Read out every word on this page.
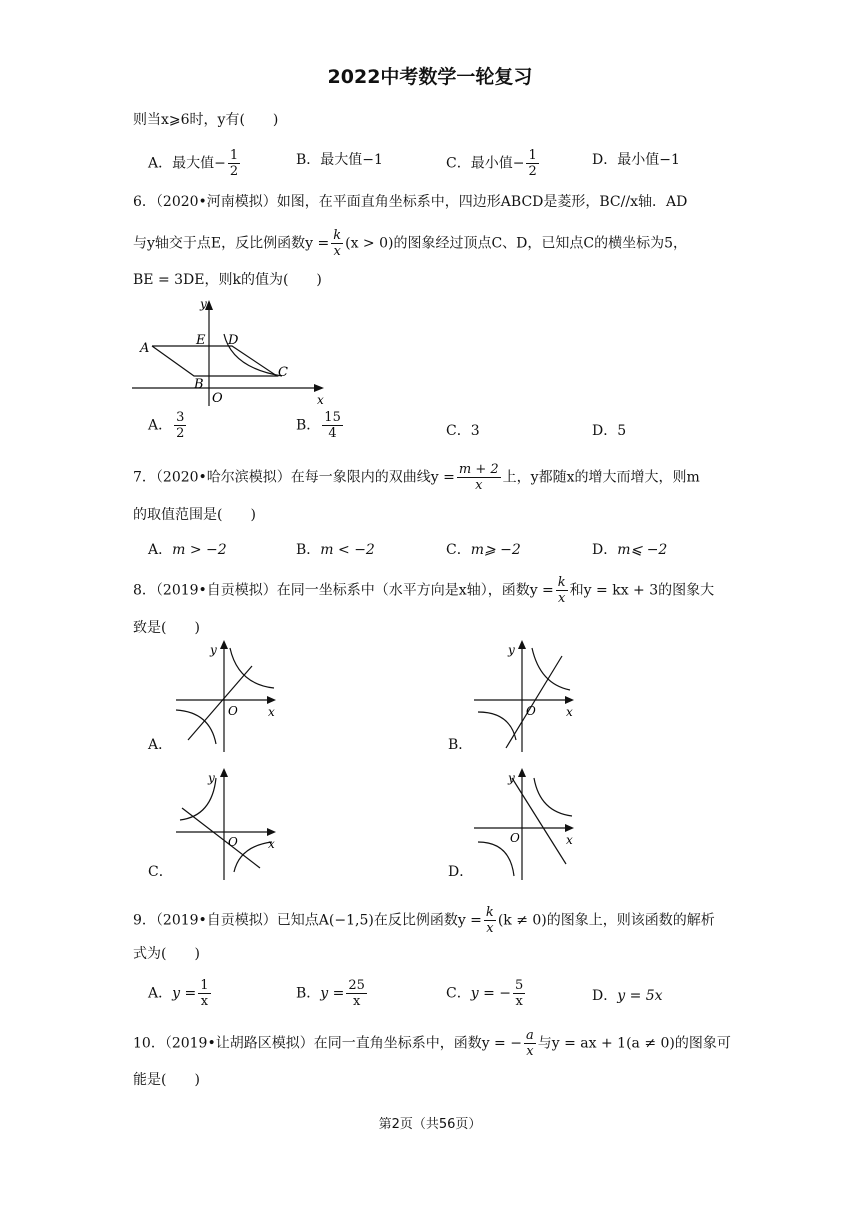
2022中考数学一轮复习
则当x⩾6时，y有(　　)
A．最大值− $\frac{1}{2}$	B．最大值−1	C．最小值− $\frac{1}{2}$	D．最小值−1
6．（2020•河南模拟）如图，在平面直角坐标系中，四边形ABCD是菱形，BC//x轴．AD
与y轴交于点E，反比例函数$y = \frac{k}{x} (x > 0)$的图象经过顶点C、D，已知点C的横坐标为5，
BE = 3DE，则k的值为(　　)
A
E D
B
O
C
x
y
A． $\frac{3}{2}$	B． $\frac{15}{4}$	C．3	D．5
7．（2020•哈尔滨模拟）在每一象限内的双曲线$y = \frac{m + 2}{x}$ 上，y都随x的增大而增大，则m
的取值范围是(　　)
A．m > −2	B．m < −2	C．m⩾ −2	D．m⩽ −2
8．（2019•自贡模拟）在同一坐标系中（水平方向是x轴），函数$y = \frac{k}{x}$ 和y = kx + 3的图象大
致是(　　)
y
O	x
A．
y
O	x
B．
y
O	x
C．
y
O	x
D．
9．（2019•自贡模拟）已知点A(−1,5)在反比例函数$y = \frac{k}{x} (k \ne 0)$的图象上，则该函数的解析
式为(　　)
A．$y = \frac{1}{x}$	B．$y = \frac{25}{x}$	C．y = − $\frac{5}{x}$	D．y = 5x
10．（2019•让胡路区模拟）在同一直角坐标系中，函数y = − $\frac{a}{x}$ 与y = ax + 1(a ≠ 0)的图象可
能是(　　)
第2页（共56页）
